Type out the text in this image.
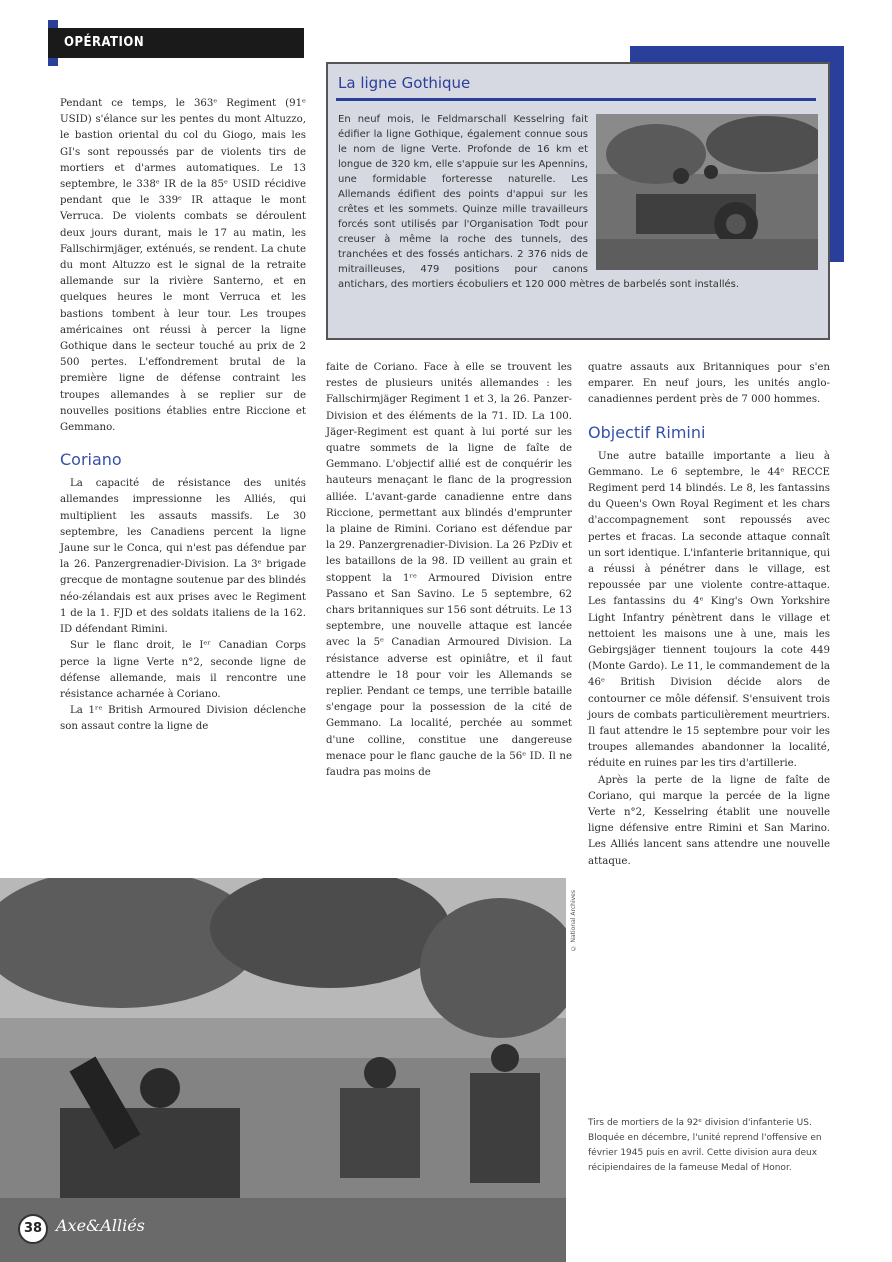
OPÉRATION

Pendant ce temps, le 363ᵉ Regiment (91ᵉ USID) s'élance sur les pentes du mont Altuzzo, le bastion oriental du col du Giogo, mais les GI's sont repoussés par de violents tirs de mortiers et d'armes automatiques. Le 13 septembre, le 338ᵉ IR de la 85ᵉ USID récidive pendant que le 339ᵉ IR attaque le mont Verruca. De violents combats se déroulent deux jours durant, mais le 17 au matin, les Fallschirmjäger, exténués, se rendent. La chute du mont Altuzzo est le signal de la retraite allemande sur la rivière Santerno, et en quelques heures le mont Verruca et les bastions tombent à leur tour. Les troupes américaines ont réussi à percer la ligne Gothique dans le secteur touché au prix de 2 500 pertes. L'effondrement brutal de la première ligne de défense contraint les troupes allemandes à se replier sur de nouvelles positions établies entre Riccione et Gemmano.

Coriano

La capacité de résistance des unités allemandes impressionne les Alliés, qui multiplient les assauts massifs. Le 30 septembre, les Canadiens percent la ligne Jaune sur le Conca, qui n'est pas défendue par la 26. Panzergrenadier-Division. La 3ᵉ brigade grecque de montagne soutenue par des blindés néo-zélandais est aux prises avec le Regiment 1 de la 1. FJD et des soldats italiens de la 162. ID défendant Rimini.

Sur le flanc droit, le Iᵉʳ Canadian Corps perce la ligne Verte n°2, seconde ligne de défense allemande, mais il rencontre une résistance acharnée à Coriano.

La 1ʳᵉ British Armoured Division déclenche son assaut contre la ligne de

La ligne Gothique
En neuf mois, le Feldmarschall Kesselring fait édifier la ligne Gothique, également connue sous le nom de ligne Verte. Profonde de 16 km et longue de 320 km, elle s'appuie sur les Apennins, une formidable forteresse naturelle. Les Allemands édifient des points d'appui sur les crêtes et les sommets. Quinze mille travailleurs forcés sont utilisés par l'Organisation Todt pour creuser à même la roche des tunnels, des tranchées et des fossés antichars. 2 376 nids de mitrailleuses, 479 positions pour canons antichars, des mortiers écobuliers et 120 000 mètres de barbelés sont installés.

faite de Coriano. Face à elle se trouvent les restes de plusieurs unités allemandes : les Fallschirmjäger Regiment 1 et 3, la 26. Panzer-Division et des éléments de la 71. ID. La 100. Jäger-Regiment est quant à lui porté sur les quatre sommets de la ligne de faîte de Gemmano. L'objectif allié est de conquérir les hauteurs menaçant le flanc de la progression alliée. L'avant-garde canadienne entre dans Riccione, permettant aux blindés d'emprunter la plaine de Rimini. Coriano est défendue par la 29. Panzergrenadier-Division. La 26 PzDiv et les bataillons de la 98. ID veillent au grain et stoppent la 1ʳᵉ Armoured Division entre Passano et San Savino. Le 5 septembre, 62 chars britanniques sur 156 sont détruits. Le 13 septembre, une nouvelle attaque est lancée avec la 5ᵉ Canadian Armoured Division. La résistance adverse est opiniâtre, et il faut attendre le 18 pour voir les Allemands se replier. Pendant ce temps, une terrible bataille s'engage pour la possession de la cité de Gemmano. La localité, perchée au sommet d'une colline, constitue une dangereuse menace pour le flanc gauche de la 56ᵉ ID. Il ne faudra pas moins de

quatre assauts aux Britanniques pour s'en emparer. En neuf jours, les unités anglo-canadiennes perdent près de 7 000 hommes.

Objectif Rimini

Une autre bataille importante a lieu à Gemmano. Le 6 septembre, le 44ᵉ RECCE Regiment perd 14 blindés. Le 8, les fantassins du Queen's Own Royal Regiment et les chars d'accompagnement sont repoussés avec pertes et fracas. La seconde attaque connaît un sort identique. L'infanterie britannique, qui a réussi à pénétrer dans le village, est repoussée par une violente contre-attaque. Les fantassins du 4ᵉ King's Own Yorkshire Light Infantry pénètrent dans le village et nettoient les maisons une à une, mais les Gebirgsjäger tiennent toujours la cote 449 (Monte Gardo). Le 11, le commandement de la 46ᵉ British Division décide alors de contourner ce môle défensif. S'ensuivent trois jours de combats particulièrement meurtriers. Il faut attendre le 15 septembre pour voir les troupes allemandes abandonner la localité, réduite en ruines par les tirs d'artillerie.

Après la perte de la ligne de faîte de Coriano, qui marque la percée de la ligne Verte n°2, Kesselring établit une nouvelle ligne défensive entre Rimini et San Marino. Les Alliés lancent sans attendre une nouvelle attaque.

© National Archives
Tirs de mortiers de la 92ᵉ division d'infanterie US. Bloquée en décembre, l'unité reprend l'offensive en février 1945 puis en avril. Cette division aura deux récipiendaires de la fameuse Medal of Honor.
38 Axe&Alliés
